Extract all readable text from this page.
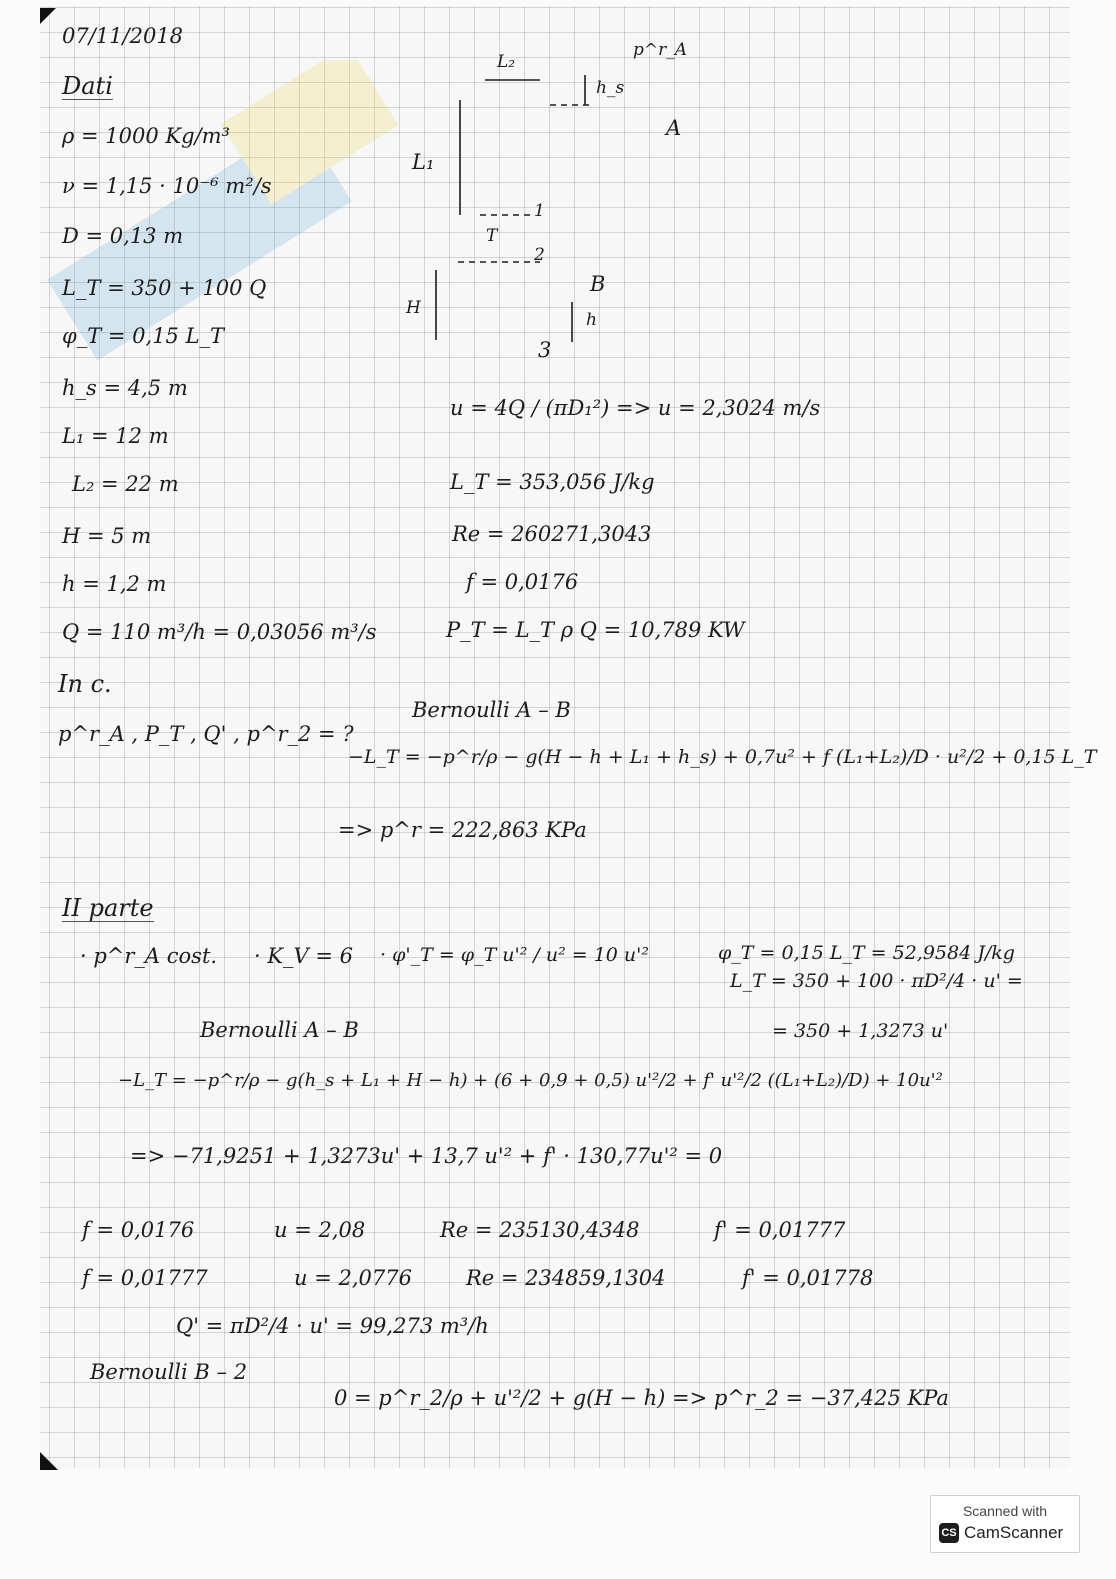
07/11/2018
Dati
ρ = 1000 Kg/m³
ν = 1,15 · 10⁻⁶ m²/s
D = 0,13 m
L_T = 350 + 100 Q
φ_T = 0,15 L_T
h_s = 4,5 m
L₁ = 12 m
L₂ = 22 m
H = 5 m
h = 1,2 m
Q = 110 m³/h = 0,03056 m³/s
In c.
p^r_A , P_T , Q' , p^r_2 = ?
L₂
p^r_A
h_s
A
L₁
1
T
2
B
H
h
3
u = 4Q / (πD₁²) => u = 2,3024 m/s
L_T = 353,056 J/kg
Re = 260271,3043
f = 0,0176
P_T = L_T ρ Q = 10,789 KW
Bernoulli A – B
−L_T = −p^r/ρ − g(H − h + L₁ + h_s) + 0,7u² + f (L₁+L₂)/D · u²/2 + 0,15 L_T
=> p^r = 222,863 KPa
II parte
· p^r_A cost. · K_V = 6 · φ'_T = φ_T u'² / u² = 10 u'²	φ_T = 0,15 L_T = 52,9584 J/kg
L_T = 350 + 100 · πD²/4 · u' =
= 350 + 1,3273 u'
Bernoulli A – B
−L_T = −p^r/ρ − g(h_s + L₁ + H − h) + (6 + 0,9 + 0,5) u'²/2 + f' u'²/2 ((L₁+L₂)/D) + 10u'²
=> −71,9251 + 1,3273u' + 13,7 u'² + f' · 130,77u'² = 0
f = 0,0176	u = 2,08	Re = 235130,4348	f' = 0,01777
f = 0,01777	u = 2,0776	Re = 234859,1304	f' = 0,01778
Q' = πD²/4 · u' = 99,273 m³/h
Bernoulli B – 2
0 = p^r_2/ρ + u'²/2 + g(H − h) => p^r_2 = −37,425 KPa
Scanned with
CS CamScanner
